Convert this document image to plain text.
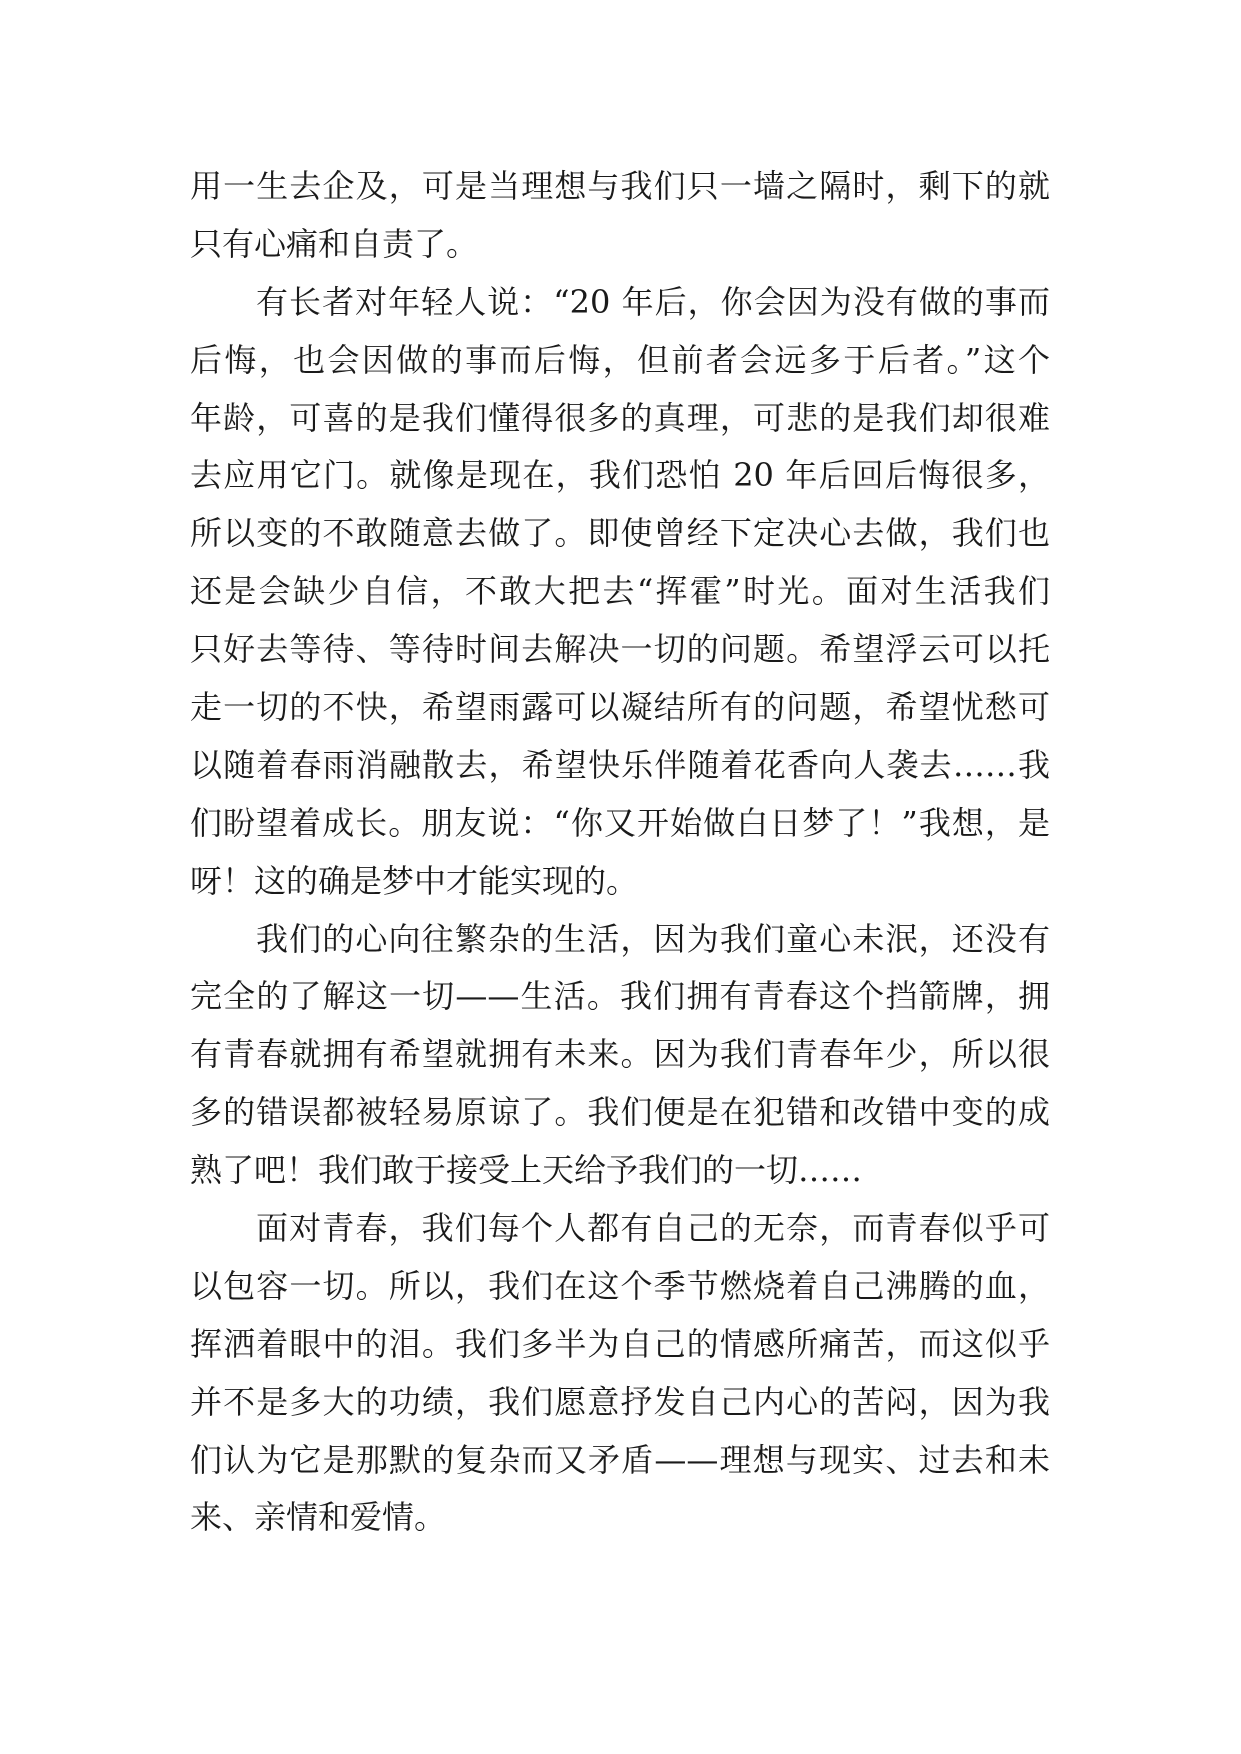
用一生去企及，可是当理想与我们只一墙之隔时，剩下的就
只有心痛和自责了。
有长者对年轻人说：“20 年后，你会因为没有做的事而
后悔，也会因做的事而后悔，但前者会远多于后者。”这个
年龄，可喜的是我们懂得很多的真理，可悲的是我们却很难
去应用它门。就像是现在，我们恐怕 20 年后回后悔很多，
所以变的不敢随意去做了。即使曾经下定决心去做，我们也
还是会缺少自信，不敢大把去“挥霍”时光。面对生活我们
只好去等待、等待时间去解决一切的问题。希望浮云可以托
走一切的不快，希望雨露可以凝结所有的问题，希望忧愁可
以随着春雨消融散去，希望快乐伴随着花香向人袭去……我
们盼望着成长。朋友说：“你又开始做白日梦了！”我想，是
呀！这的确是梦中才能实现的。
我们的心向往繁杂的生活，因为我们童心未泯，还没有
完全的了解这一切——生活。我们拥有青春这个挡箭牌，拥
有青春就拥有希望就拥有未来。因为我们青春年少，所以很
多的错误都被轻易原谅了。我们便是在犯错和改错中变的成
熟了吧！我们敢于接受上天给予我们的一切……
面对青春，我们每个人都有自己的无奈，而青春似乎可
以包容一切。所以，我们在这个季节燃烧着自己沸腾的血，
挥洒着眼中的泪。我们多半为自己的情感所痛苦，而这似乎
并不是多大的功绩，我们愿意抒发自己内心的苦闷，因为我
们认为它是那默的复杂而又矛盾——理想与现实、过去和未
来、亲情和爱情。
